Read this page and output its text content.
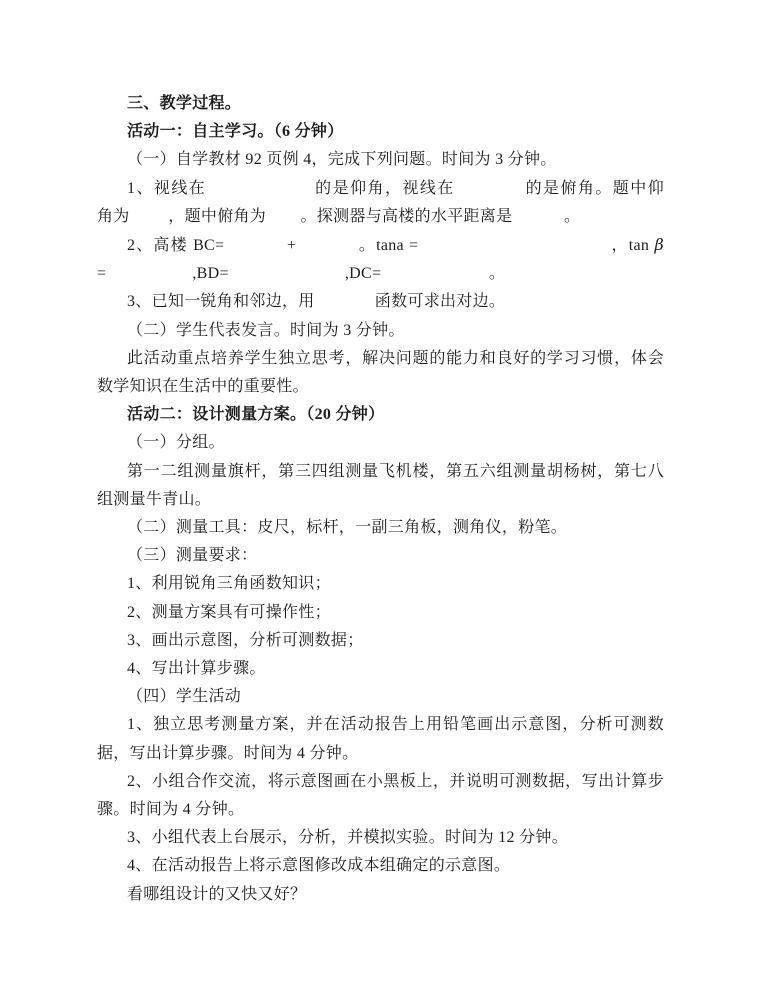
三、教学过程。
活动一：自主学习。（6 分钟）
（一）自学教材 92 页例 4，完成下列问题。时间为 3 分钟。
1、视线在                    的是仰角，视线在             的是俯角。题中仰
角为         ，题中俯角为        。探测器与高楼的水平距离是            。
2、高楼 BC=            +            。tana =                                     ，tan β
=                    ,BD=                           ,DC=                         。
3、已知一锐角和邻边，用              函数可求出对边。
（二）学生代表发言。时间为 3 分钟。
此活动重点培养学生独立思考，解决问题的能力和良好的学习习惯，体会
数学知识在生活中的重要性。
活动二：设计测量方案。（20 分钟）
（一）分组。
第一二组测量旗杆，第三四组测量飞机楼，第五六组测量胡杨树，第七八
组测量牛青山。
（二）测量工具：皮尺，标杆，一副三角板，测角仪，粉笔。
（三）测量要求：
1、利用锐角三角函数知识；
2、测量方案具有可操作性；
3、画出示意图，分析可测数据；
4、写出计算步骤。
（四）学生活动
1、独立思考测量方案，并在活动报告上用铅笔画出示意图，分析可测数
据，写出计算步骤。时间为 4 分钟。
2、小组合作交流，将示意图画在小黑板上，并说明可测数据，写出计算步
骤。时间为 4 分钟。
3、小组代表上台展示，分析，并模拟实验。时间为 12 分钟。
4、在活动报告上将示意图修改成本组确定的示意图。
看哪组设计的又快又好？
